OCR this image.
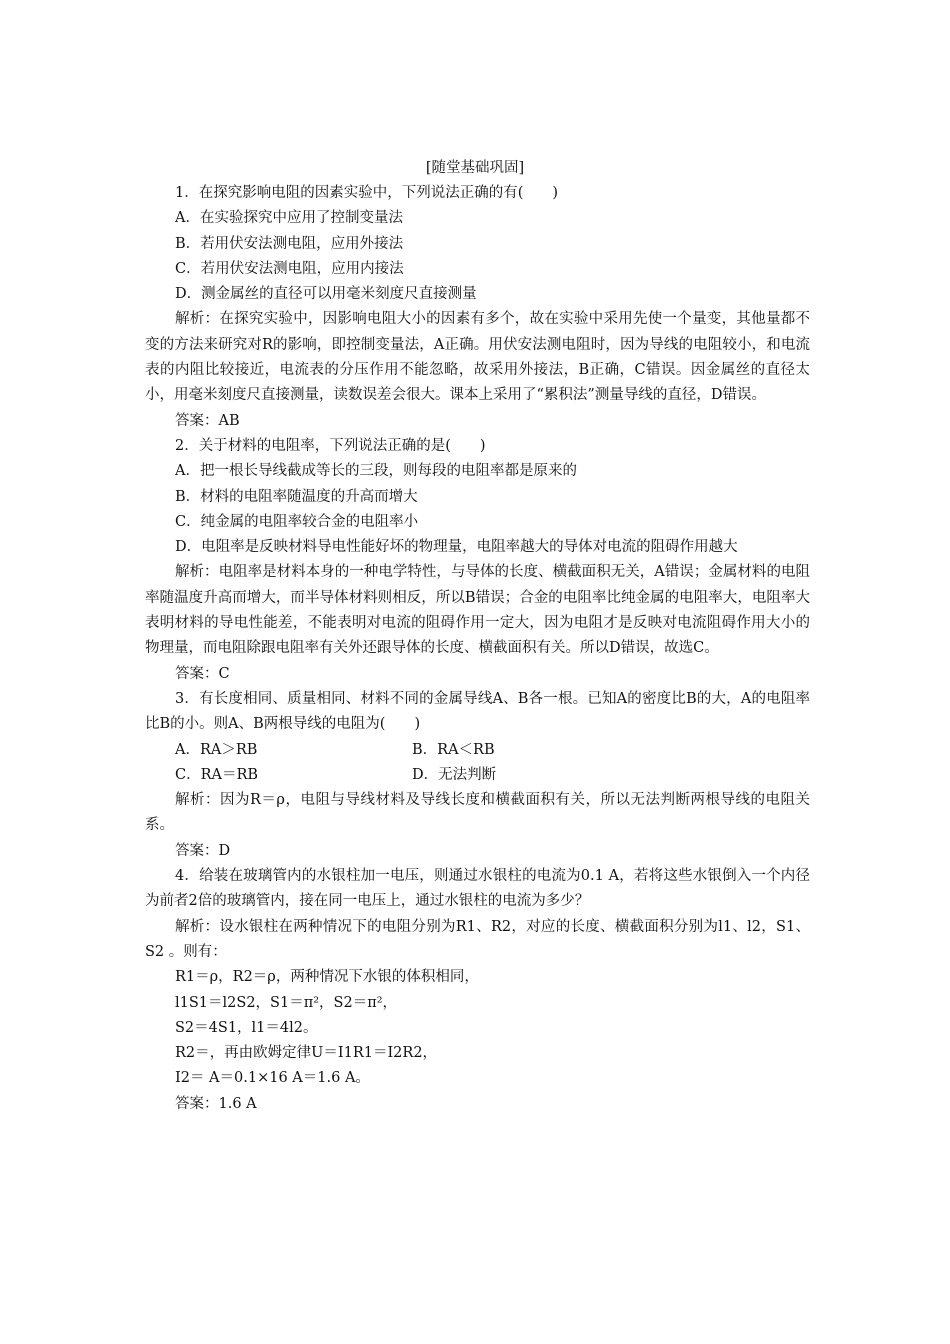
[随堂基础巩固]
1．在探究影响电阻的因素实验中，下列说法正确的有(　　)
A．在实验探究中应用了控制变量法
B．若用伏安法测电阻，应用外接法
C．若用伏安法测电阻，应用内接法
D．测金属丝的直径可以用毫米刻度尺直接测量
解析：在探究实验中，因影响电阻大小的因素有多个，故在实验中采用先使一个量变，其他量都不变的方法来研究对R的影响，即控制变量法，A正确。用伏安法测电阻时，因为导线的电阻较小，和电流表的内阻比较接近，电流表的分压作用不能忽略，故采用外接法，B正确，C错误。因金属丝的直径太小，用毫米刻度尺直接测量，读数误差会很大。课本上采用了“累积法”测量导线的直径，D错误。
答案：AB
2．关于材料的电阻率，下列说法正确的是(　　)
A．把一根长导线截成等长的三段，则每段的电阻率都是原来的
B．材料的电阻率随温度的升高而增大
C．纯金属的电阻率较合金的电阻率小
D．电阻率是反映材料导电性能好坏的物理量，电阻率越大的导体对电流的阻碍作用越大
解析：电阻率是材料本身的一种电学特性，与导体的长度、横截面积无关，A错误；金属材料的电阻率随温度升高而增大，而半导体材料则相反，所以B错误；合金的电阻率比纯金属的电阻率大，电阻率大表明材料的导电性能差，不能表明对电流的阻碍作用一定大，因为电阻才是反映对电流阻碍作用大小的物理量，而电阻除跟电阻率有关外还跟导体的长度、横截面积有关。所以D错误，故选C。
答案：C
3．有长度相同、质量相同、材料不同的金属导线A、B各一根。已知A的密度比B的大，A的电阻率比B的小。则A、B两根导线的电阻为(　　)
A．RA＞RB	B．RA＜RB
C．RA＝RB	D．无法判断
解析：因为R＝ρ，电阻与导线材料及导线长度和横截面积有关，所以无法判断两根导线的电阻关系。
答案：D
4．给装在玻璃管内的水银柱加一电压，则通过水银柱的电流为0.1 A，若将这些水银倒入一个内径为前者2倍的玻璃管内，接在同一电压上，通过水银柱的电流为多少？
解析：设水银柱在两种情况下的电阻分别为R1、R2，对应的长度、横截面积分别为l1、l2，S1、S2 。则有：
R1＝ρ，R2＝ρ，两种情况下水银的体积相同，
l1S1＝l2S2，S1＝π²，S2＝π²，
S2＝4S1，l1＝4l2。
R2＝，再由欧姆定律U＝I1R1＝I2R2，
I2＝ A＝0.1×16 A＝1.6 A。
答案：1.6 A
